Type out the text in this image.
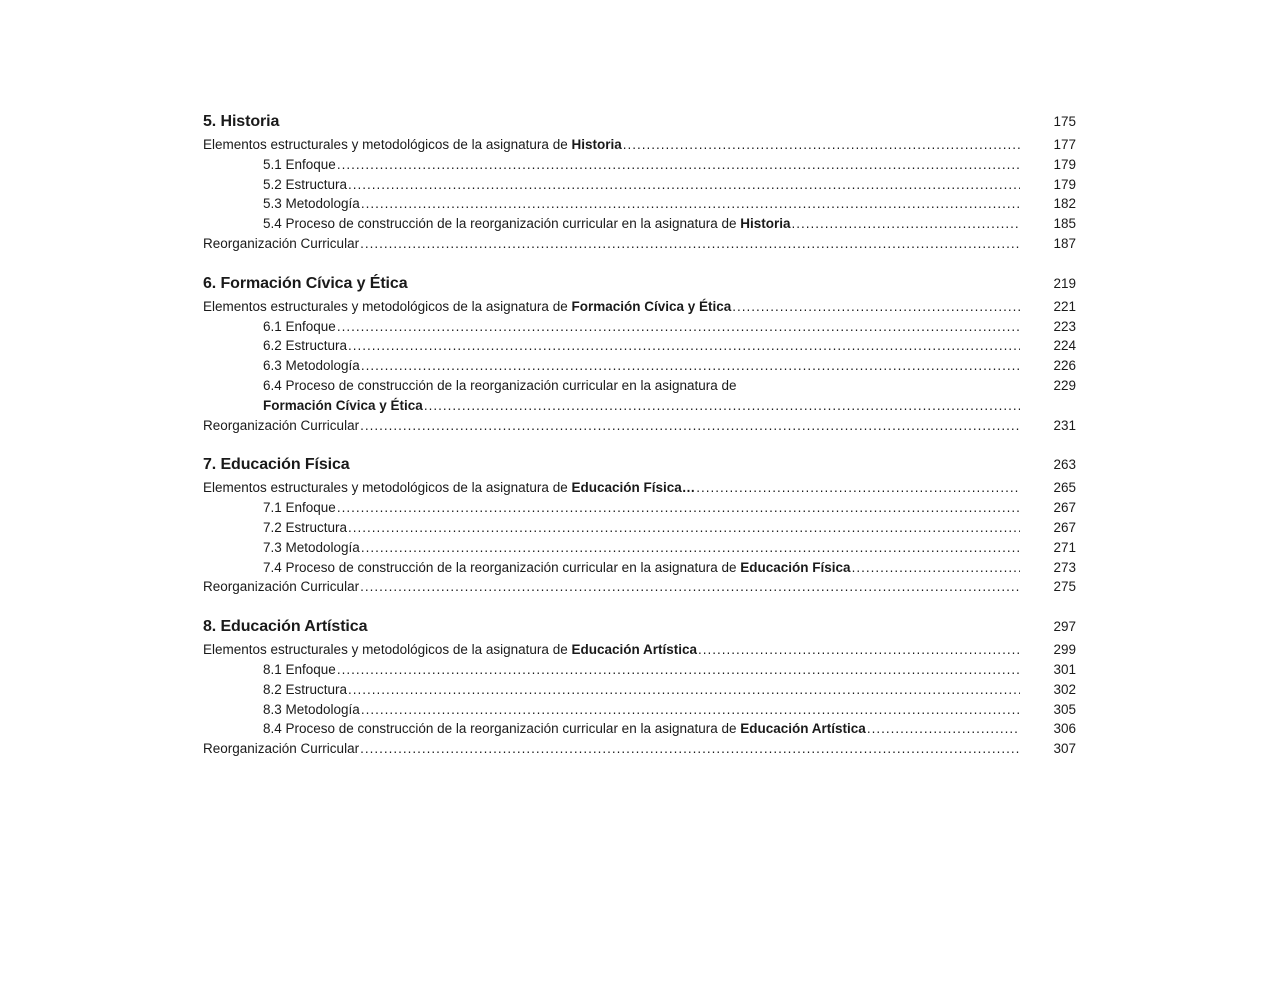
5. Historia	175
Elementos estructurales y metodológicos de la asignatura de Historia .....	177
5.1 Enfoque .....	179
5.2 Estructura .....	179
5.3 Metodología .....	182
5.4 Proceso de construcción de la reorganización curricular en la asignatura de Historia .....	185
Reorganización Curricular .....	187
6. Formación Cívica y Ética	219
Elementos estructurales y metodológicos de la asignatura de Formación Cívica y Ética .....	221
6.1 Enfoque .....	223
6.2 Estructura .....	224
6.3 Metodología .....	226
6.4 Proceso de construcción de la reorganización curricular en la asignatura de	229
Formación Cívica y Ética
.....
Reorganización Curricular .....	231
7. Educación Física	263
Elementos estructurales y metodológicos de la asignatura de Educación Física… .....	265
7.1 Enfoque .....	267
7.2 Estructura .....	267
7.3 Metodología .....	271
7.4 Proceso de construcción de la reorganización curricular en la asignatura de Educación Física .....	273
Reorganización Curricular .....	275
8. Educación Artística	297
Elementos estructurales y metodológicos de la asignatura de Educación Artística .....	299
8.1 Enfoque .....	301
8.2 Estructura .....	302
8.3 Metodología .....	305
8.4 Proceso de construcción de la reorganización curricular en la asignatura de Educación Artística .....	306
Reorganización Curricular .....	307
